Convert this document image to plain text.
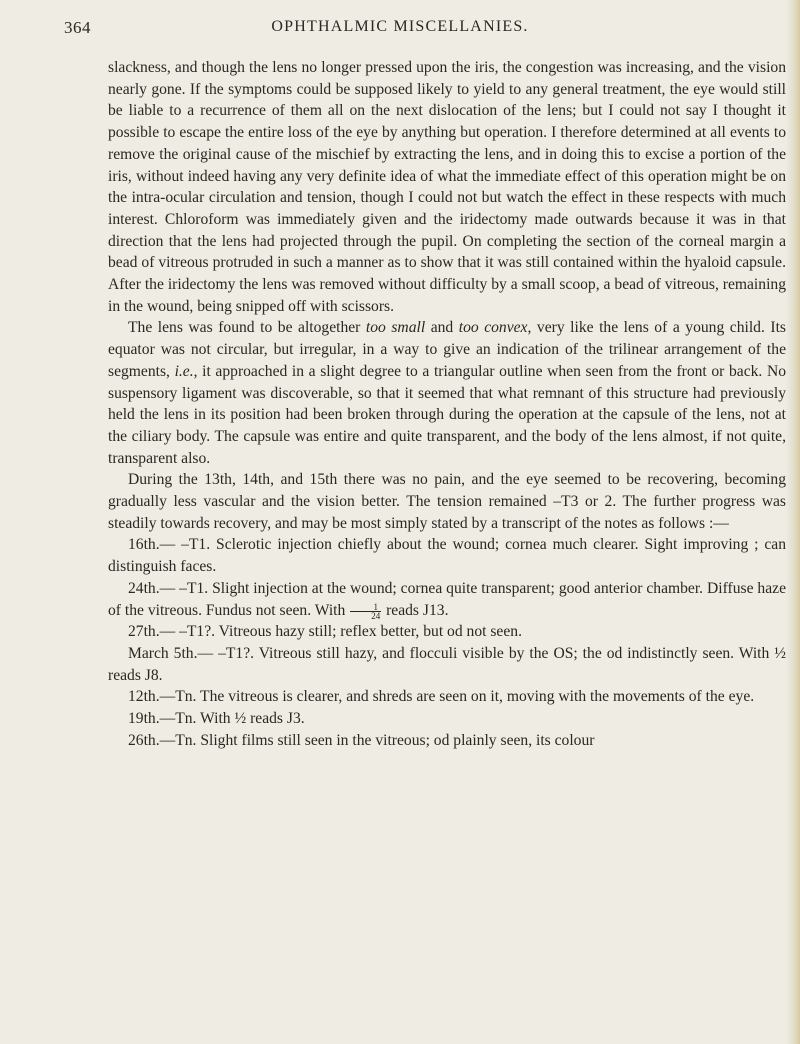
364	OPHTHALMIC MISCELLANIES.

slackness, and though the lens no longer pressed upon the iris, the congestion was increasing, and the vision nearly gone. If the symptoms could be supposed likely to yield to any general treatment, the eye would still be liable to a recurrence of them all on the next dislocation of the lens; but I could not say I thought it possible to escape the entire loss of the eye by anything but operation. I therefore determined at all events to remove the original cause of the mischief by extracting the lens, and in doing this to excise a portion of the iris, without indeed having any very definite idea of what the immediate effect of this operation might be on the intra-ocular circulation and tension, though I could not but watch the effect in these respects with much interest. Chloroform was immediately given and the iridectomy made outwards because it was in that direction that the lens had projected through the pupil. On completing the section of the corneal margin a bead of vitreous protruded in such a manner as to show that it was still contained within the hyaloid capsule. After the iridectomy the lens was removed without difficulty by a small scoop, a bead of vitreous, remaining in the wound, being snipped off with scissors.

The lens was found to be altogether too small and too convex, very like the lens of a young child. Its equator was not circular, but irregular, in a way to give an indication of the trilinear arrangement of the segments, i.e., it approached in a slight degree to a triangular outline when seen from the front or back. No suspensory ligament was discoverable, so that it seemed that what remnant of this structure had previously held the lens in its position had been broken through during the operation at the capsule of the lens, not at the ciliary body. The capsule was entire and quite transparent, and the body of the lens almost, if not quite, transparent also.

During the 13th, 14th, and 15th there was no pain, and the eye seemed to be recovering, becoming gradually less vascular and the vision better. The tension remained –T3 or 2. The further progress was steadily towards recovery, and may be most simply stated by a transcript of the notes as follows :—

16th.— –T1. Sclerotic injection chiefly about the wound; cornea much clearer. Sight improving ; can distinguish faces.

24th.— –T1. Slight injection at the wound; cornea quite transparent; good anterior chamber. Diffuse haze of the vitreous. Fundus not seen. With $\frac{1}{24}$ reads J13.

27th.— –T1?. Vitreous hazy still; reflex better, but od not seen.

March 5th.— –T1?. Vitreous still hazy, and flocculi visible by the OS; the od indistinctly seen. With ½ reads J8.

12th.—Tn. The vitreous is clearer, and shreds are seen on it, moving with the movements of the eye.

19th.—Tn. With ½ reads J3.

26th.—Tn. Slight films still seen in the vitreous; od plainly seen, its colour
